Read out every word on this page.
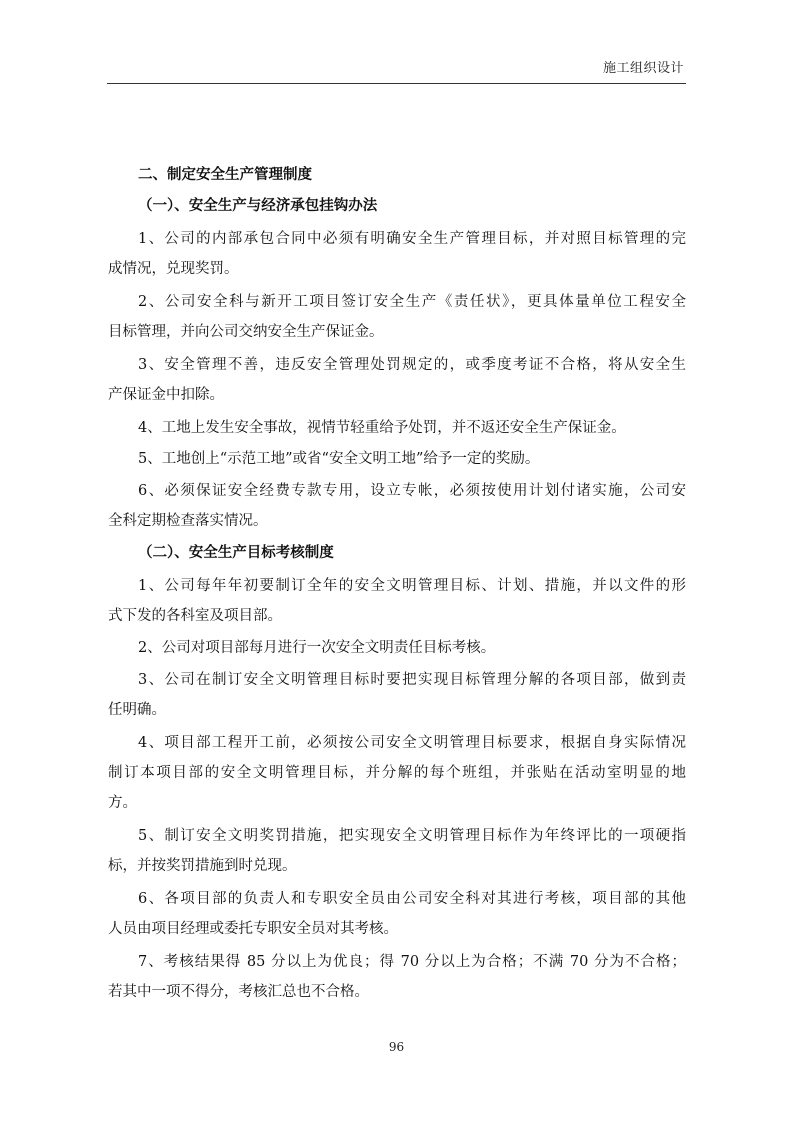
施工组织设计
二、制定安全生产管理制度
（一）、安全生产与经济承包挂钩办法
1、公司的内部承包合同中必须有明确安全生产管理目标，并对照目标管理的完
成情况，兑现奖罚。
2、公司安全科与新开工项目签订安全生产《责任状》，更具体量单位工程安全
目标管理，并向公司交纳安全生产保证金。
3、安全管理不善，违反安全管理处罚规定的，或季度考证不合格，将从安全生
产保证金中扣除。
4、工地上发生安全事故，视情节轻重给予处罚，并不返还安全生产保证金。
5、工地创上“示范工地”或省“安全文明工地”给予一定的奖励。
6、必须保证安全经费专款专用，设立专帐，必须按使用计划付诸实施，公司安
全科定期检查落实情况。
（二）、安全生产目标考核制度
1、公司每年年初要制订全年的安全文明管理目标、计划、措施，并以文件的形
式下发的各科室及项目部。
2、公司对项目部每月进行一次安全文明责任目标考核。
3、公司在制订安全文明管理目标时要把实现目标管理分解的各项目部，做到责
任明确。
4、项目部工程开工前，必须按公司安全文明管理目标要求，根据自身实际情况
制订本项目部的安全文明管理目标，并分解的每个班组，并张贴在活动室明显的地
方。
5、制订安全文明奖罚措施，把实现安全文明管理目标作为年终评比的一项硬指
标，并按奖罚措施到时兑现。
6、各项目部的负责人和专职安全员由公司安全科对其进行考核，项目部的其他
人员由项目经理或委托专职安全员对其考核。
7、考核结果得 85 分以上为优良；得 70 分以上为合格；不满 70 分为不合格；
若其中一项不得分，考核汇总也不合格。
96
